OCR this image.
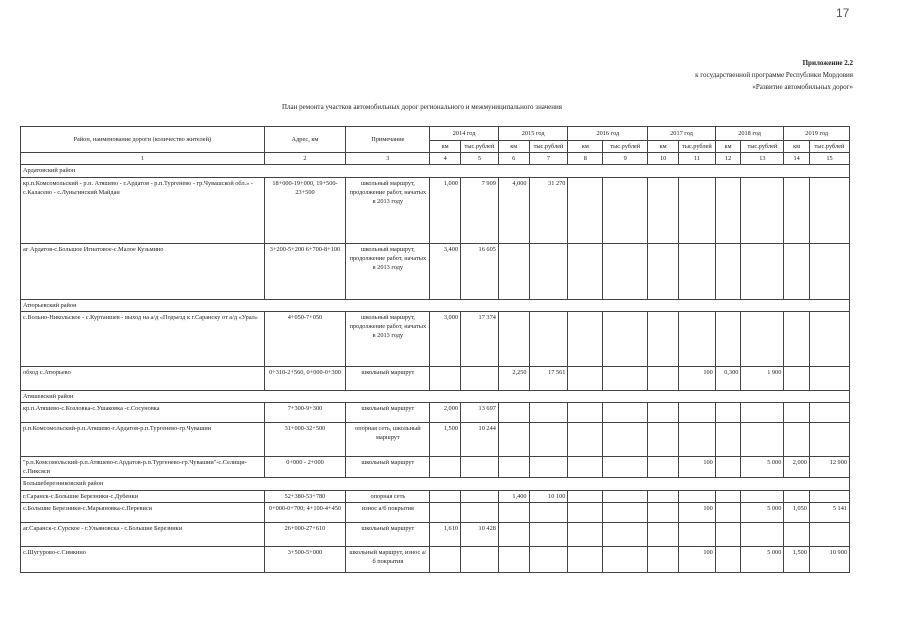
17
Приложение 2.2
к государственной программе Республики Мордовия
«Развитие автомобильных дорог»
План ремонта участков автомобильных дорог регионального и межмуниципального значения
Район, наименование дороги (количество жителей)	Адрес, км	Примечание	2014 год		2015 год		2016 год		2017 год		2018 год		2019 год	
			км	тыс.рублей	км	тыс.рублей	км	тыс.рублей	км	тыс.рублей	км	тыс.рублей	км	тыс.рублей
1	2	3	4	5	6	7	8	9	10	11	12	13	14	15
Ардатовский район														
кр.п.Комсомольский - р.п. Атяшево - г.Ардатов - р.п.Тургенево - гр.Чувашской обл.» - с.Каласево - с.Луньгинский Майдан	18+000-19+000, 19+500-23+500	школьный маршрут, продолжение работ, начатых в 2013 году	1,000	7 909	4,000	31 270								
аг Ардатов-с.Большое Игнатовое-с.Малое Кузьмино	3+200-5+200 6+700-8+100	школьный маршрут, продолжение работ, начатых в 2013 году	3,400	16 605										
Атюрьевский район														
с.Вольно-Никольское - с.Куртаншев - выход на а/д «Подъезд к г.Саранску от а/д «Урал»	4+050-7+050	школьный маршрут, продолжение работ, начатых в 2013 году	3,000	17 374										
обход с.Атюрьево	0+310-2+560, 0+000-0+300	школьный маршрут			2,250	17 561				100	0,300	1 900		
Атяшевский район														
кр.п.Атяшево-с.Козловка-с.Ушаковка -с.Сосуновка	7+300-9+300	школьный маршрут	2,000	13 697										
р.п.Комсомольский-р.п.Атяшево-г.Ардатов-р.п.Тургенево-гр.Чувашии	31+000-32+500	опорная сеть, школьный маршрут	1,500	10 244										
"р.п.Комсомольский-р.п.Атяшево-г.Ардатов-р.п.Тургенево-гр.Чувашии"-с.Селищи-с.Пиксяси	0+000 - 2+000	школьный маршрут								100		5 000	2,000	12 900
Большеберезниковский район														
г.Саранск-с.Большие Березники-с.Дубенки	52+380-53+780	опорная сеть			1,400	10 100								
с.Большие Березники-с.Марьяновка-с.Перевиси	0+000-0+700; 4+100-4+450	износ а/б покрытия								100		5 000	1,050	5 141
аг.Саранск-с.Сурское - г.Ульяновска - с.Большие Березники	26+000-27+610	школьный маршрут	1,610	10 428										
с.Шугурово-с.Симкино	3+500-5+000	школьный маршрут, износ а/б покрытия								100		5 000	1,500	10 900
